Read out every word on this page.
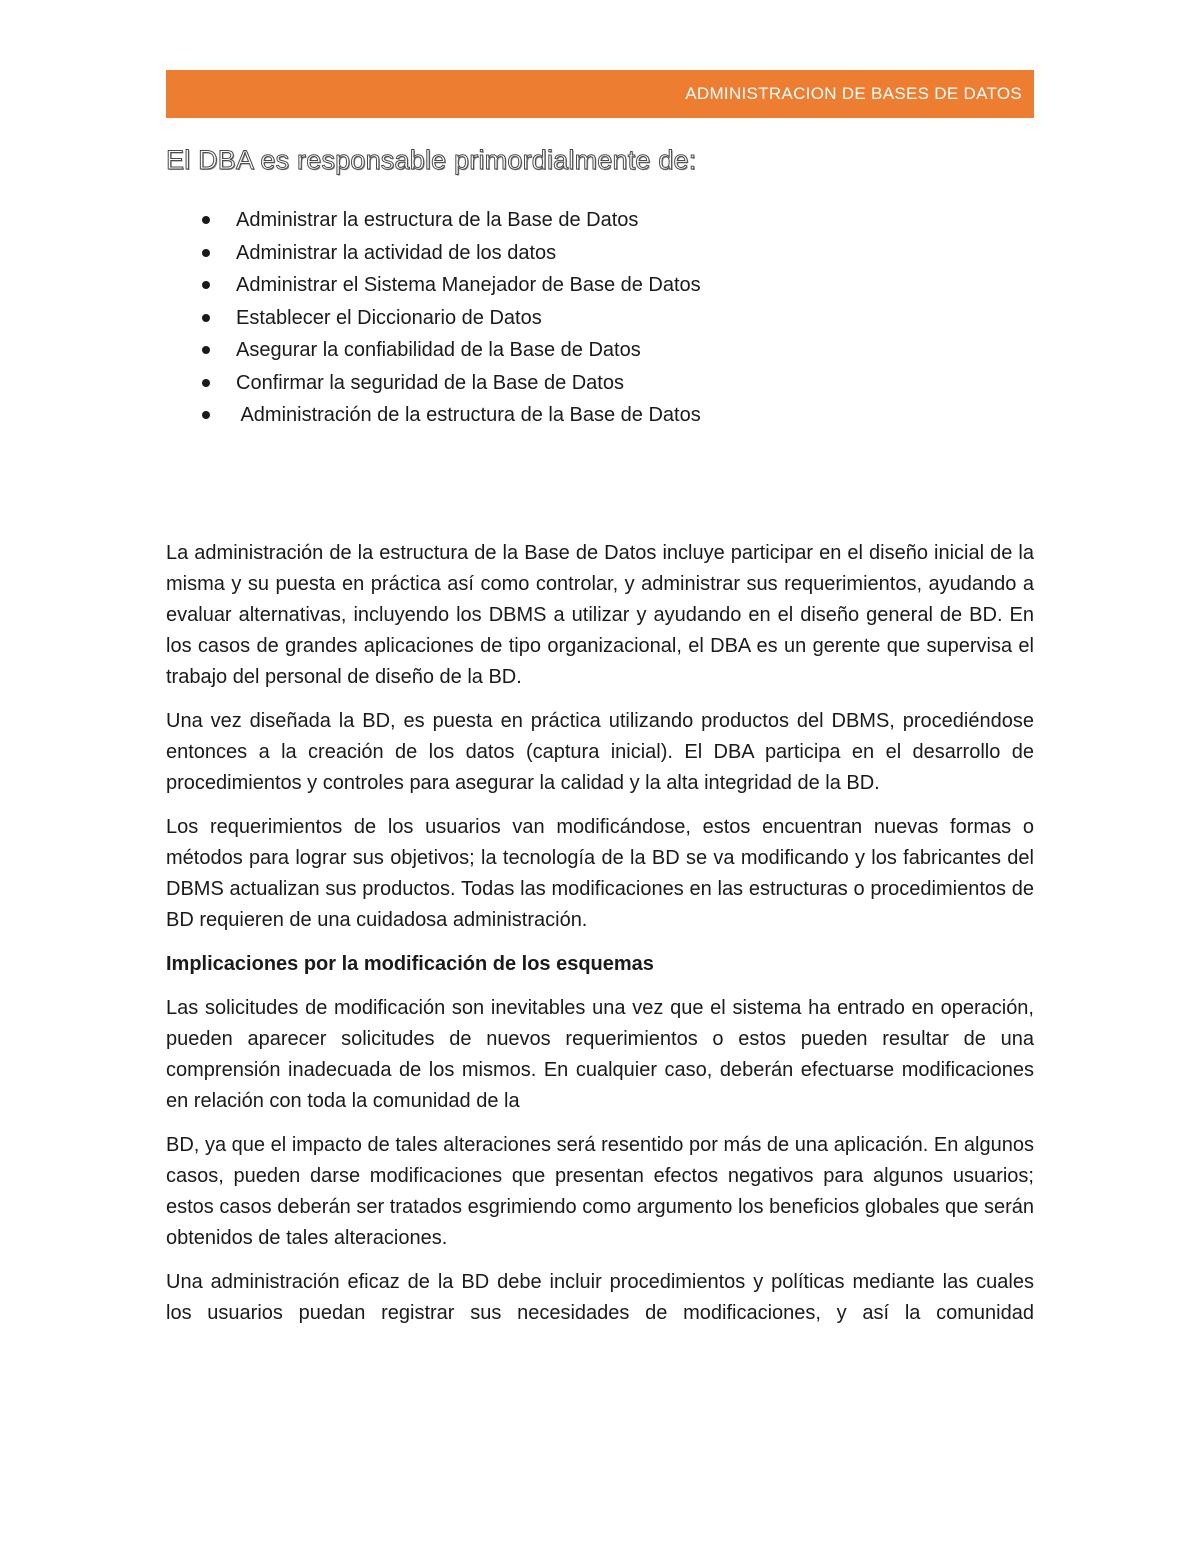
ADMINISTRACION DE BASES DE DATOS
El DBA es responsable primordialmente de:
Administrar la estructura de la Base de Datos
Administrar la actividad de los datos
Administrar el Sistema Manejador de Base de Datos
Establecer el Diccionario de Datos
Asegurar la confiabilidad de la Base de Datos
Confirmar la seguridad de la Base de Datos
Administración de la estructura de la Base de Datos

La administración de la estructura de la Base de Datos incluye participar en el diseño inicial de la misma y su puesta en práctica así como controlar, y administrar sus requerimientos, ayudando a evaluar alternativas, incluyendo los DBMS a utilizar y ayudando en el diseño general de BD. En los casos de grandes aplicaciones de tipo organizacional, el DBA es un gerente que supervisa el trabajo del personal de diseño de la BD.

Una vez diseñada la BD, es puesta en práctica utilizando productos del DBMS, procediéndose entonces a la creación de los datos (captura inicial). El DBA participa en el desarrollo de procedimientos y controles para asegurar la calidad y la alta integridad de la BD.

Los requerimientos de los usuarios van modificándose, estos encuentran nuevas formas o métodos para lograr sus objetivos; la tecnología de la BD se va modificando y los fabricantes del DBMS actualizan sus productos. Todas las modificaciones en las estructuras o procedimientos de BD requieren de una cuidadosa administración.

Implicaciones por la modificación de los esquemas

Las solicitudes de modificación son inevitables una vez que el sistema ha entrado en operación, pueden aparecer solicitudes de nuevos requerimientos o estos pueden resultar de una comprensión inadecuada de los mismos. En cualquier caso, deberán efectuarse modificaciones en relación con toda la comunidad de la

BD, ya que el impacto de tales alteraciones será resentido por más de una aplicación. En algunos casos, pueden darse modificaciones que presentan efectos negativos para algunos usuarios; estos casos deberán ser tratados esgrimiendo como argumento los beneficios globales que serán obtenidos de tales alteraciones.

Una administración eficaz de la BD debe incluir procedimientos y políticas mediante las cuales los usuarios puedan registrar sus necesidades de modificaciones, y así la comunidad
